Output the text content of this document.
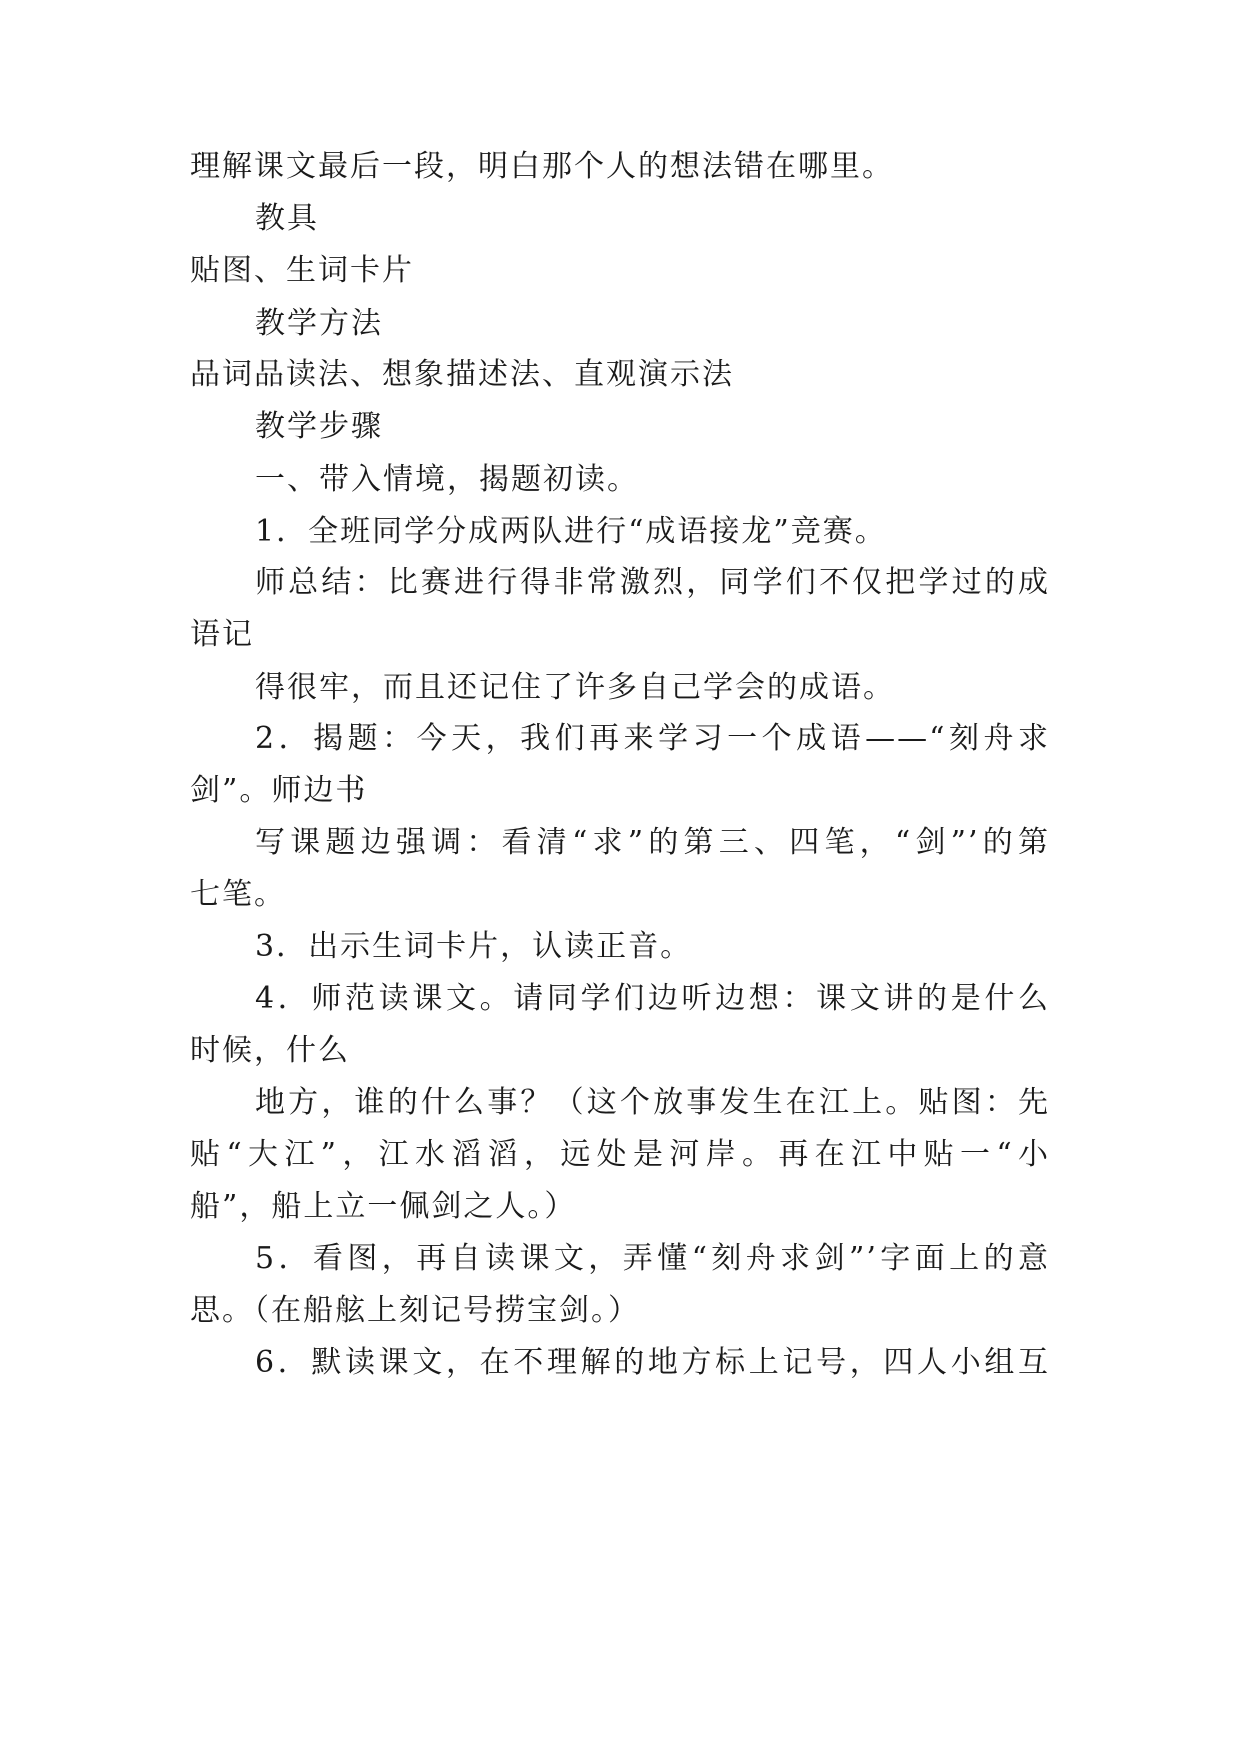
理解课文最后一段，明白那个人的想法错在哪里。
教具
贴图、生词卡片
教学方法
品词品读法、想象描述法、直观演示法
教学步骤
一、带入情境，揭题初读。
1．全班同学分成两队进行“成语接龙”竞赛。
师总结：比赛进行得非常激烈，同学们不仅把学过的成
语记
得很牢，而且还记住了许多自己学会的成语。
2．揭题：今天，我们再来学习一个成语——“刻舟求
剑”。师边书
写课题边强调：看清“求”的第三、四笔，“剑”’的第
七笔。
3．出示生词卡片，认读正音。
4．师范读课文。请同学们边听边想：课文讲的是什么
时候，什么
地方，谁的什么事？（这个放事发生在江上。贴图：先
贴“大江”，江水滔滔，远处是河岸。再在江中贴一“小
船”，船上立一佩剑之人。）
5．看图，再自读课文，弄懂“刻舟求剑”’字面上的意
思。（在船舷上刻记号捞宝剑。）
6．默读课文，在不理解的地方标上记号，四人小组互
